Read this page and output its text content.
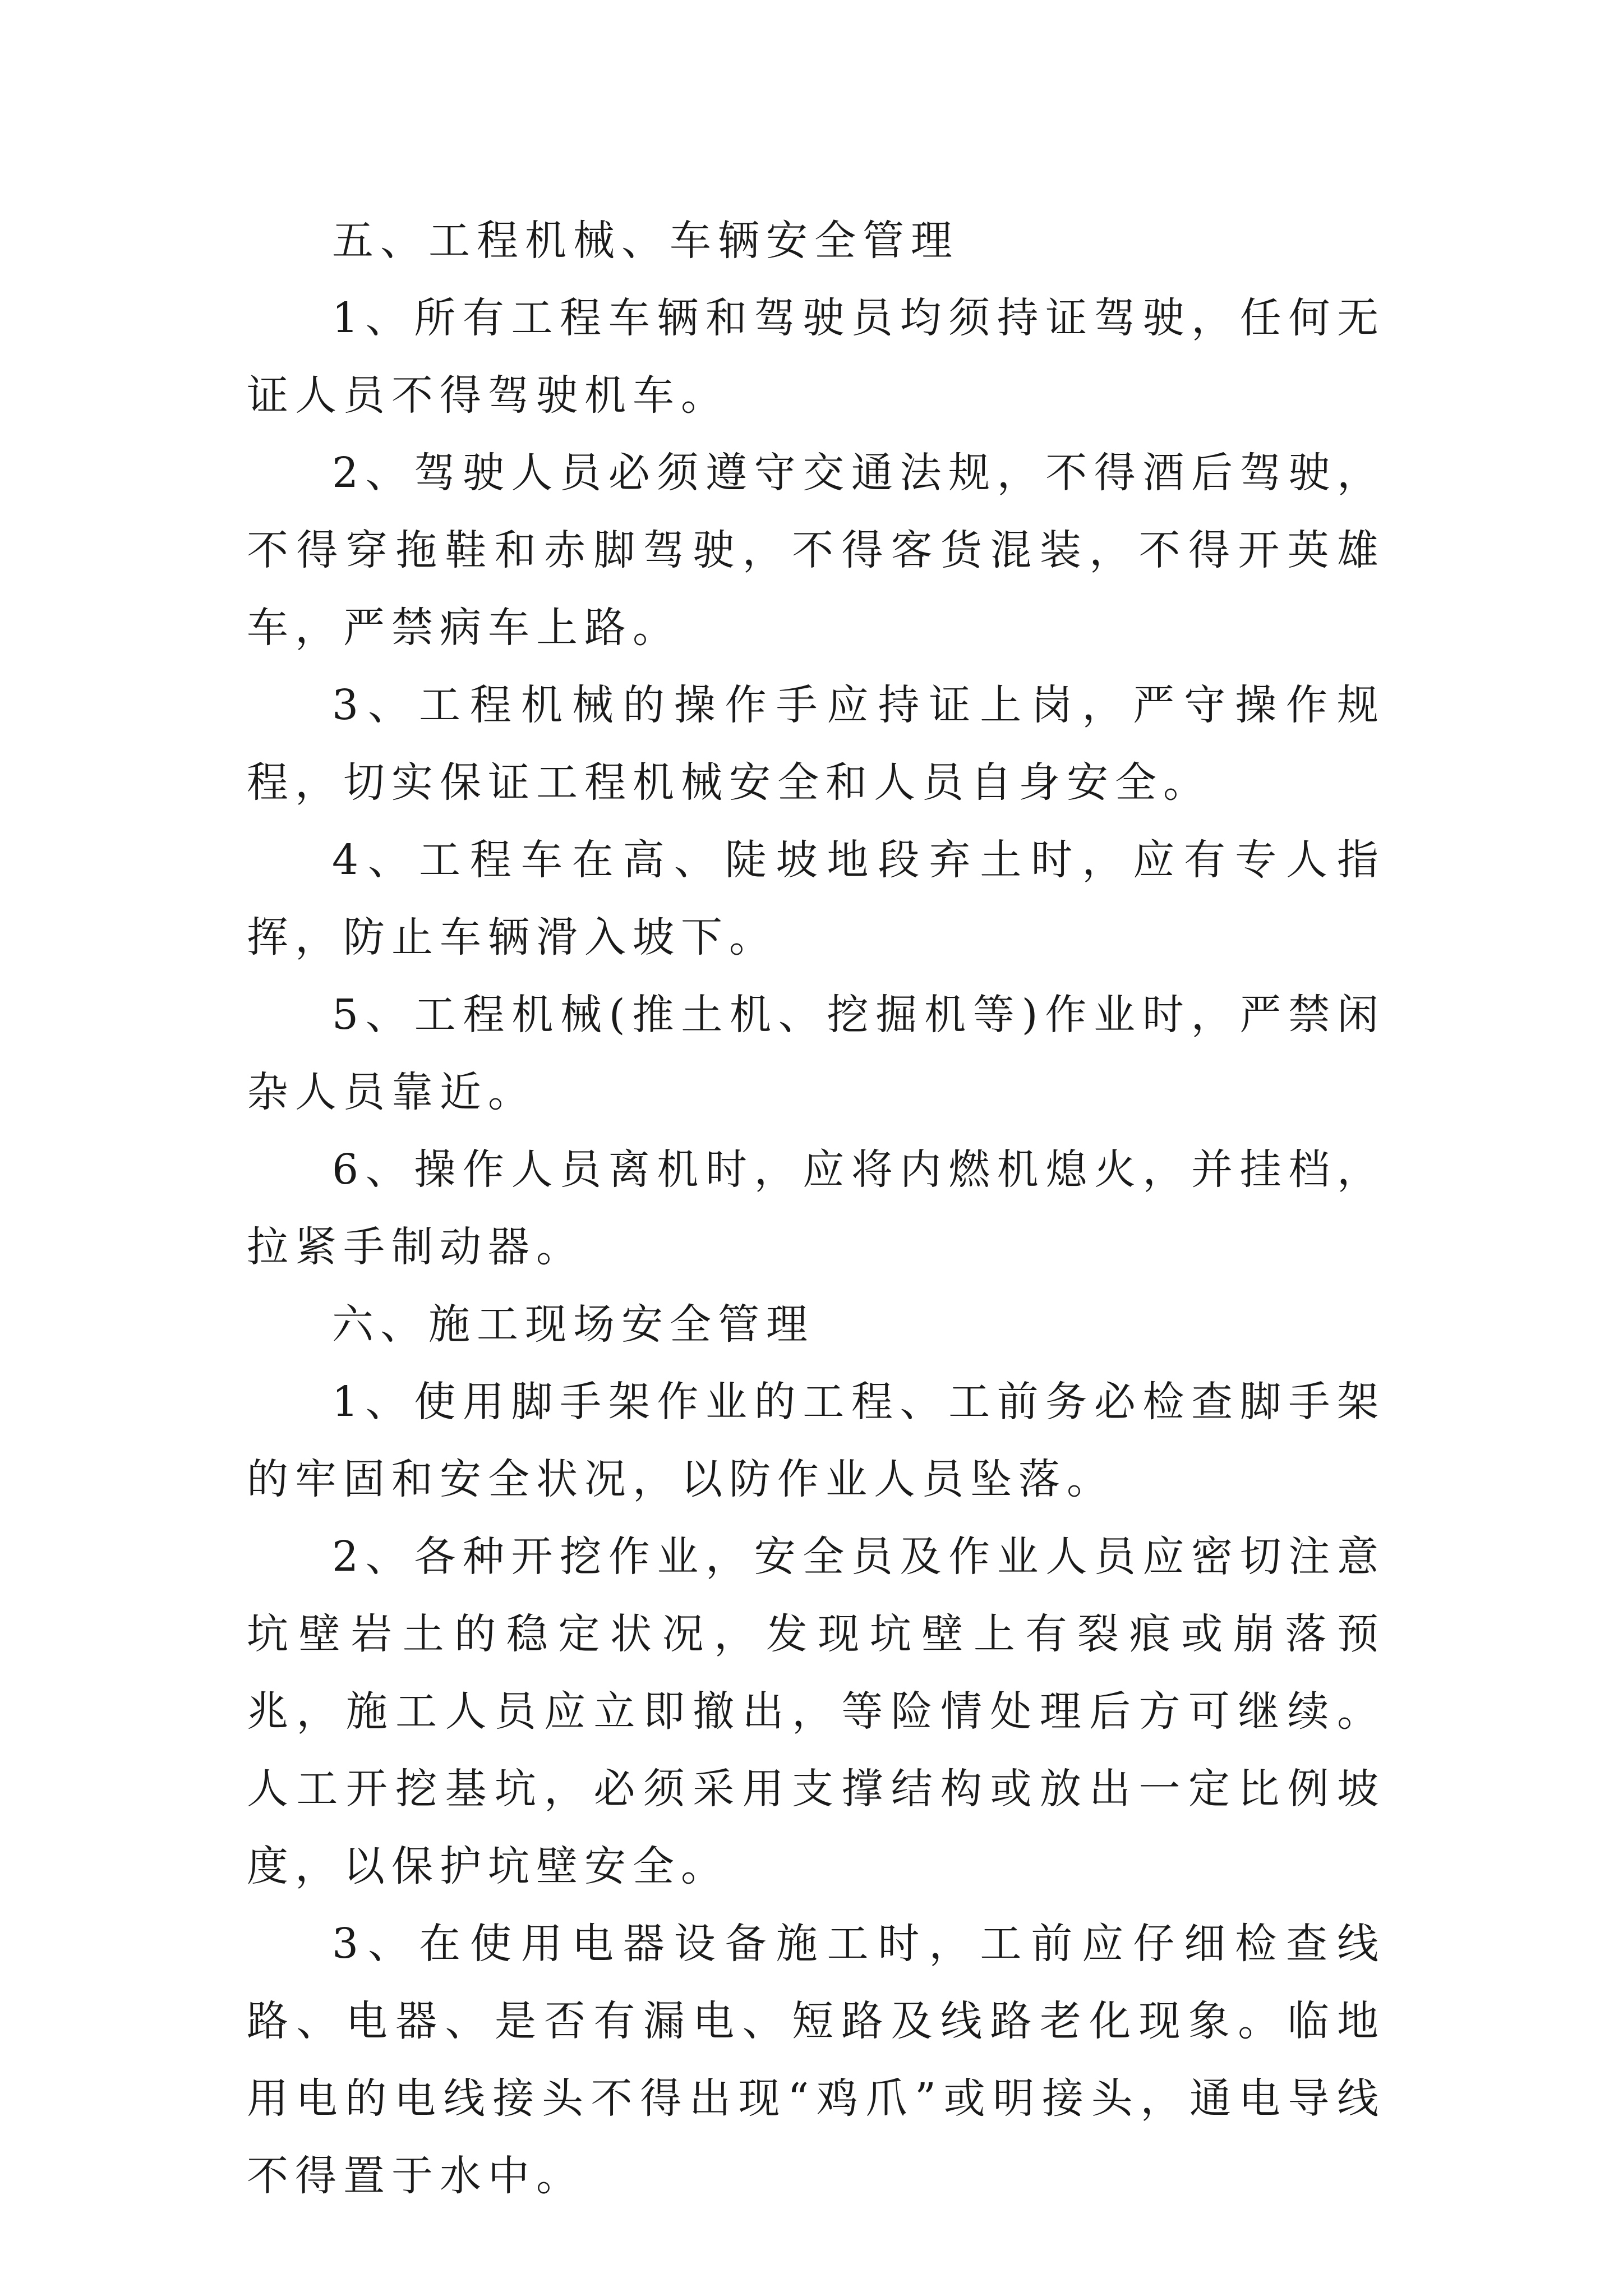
五、工程机械、车辆安全管理

1、所有工程车辆和驾驶员均须持证驾驶，任何无证人员不得驾驶机车。

2、驾驶人员必须遵守交通法规，不得酒后驾驶，不得穿拖鞋和赤脚驾驶，不得客货混装，不得开英雄车，严禁病车上路。

3、工程机械的操作手应持证上岗，严守操作规程，切实保证工程机械安全和人员自身安全。

4、工程车在高、陡坡地段弃土时，应有专人指挥，防止车辆滑入坡下。

5、工程机械(推土机、挖掘机等)作业时，严禁闲杂人员靠近。

6、操作人员离机时，应将内燃机熄火，并挂档，拉紧手制动器。

六、施工现场安全管理

1、使用脚手架作业的工程、工前务必检查脚手架的牢固和安全状况，以防作业人员坠落。

2、各种开挖作业，安全员及作业人员应密切注意坑壁岩土的稳定状况，发现坑壁上有裂痕或崩落预兆，施工人员应立即撤出，等险情处理后方可继续。人工开挖基坑，必须采用支撑结构或放出一定比例坡度，以保护坑壁安全。

3、在使用电器设备施工时，工前应仔细检查线路、电器、是否有漏电、短路及线路老化现象。临地用电的电线接头不得出现“鸡爪”或明接头，通电导线不得置于水中。
